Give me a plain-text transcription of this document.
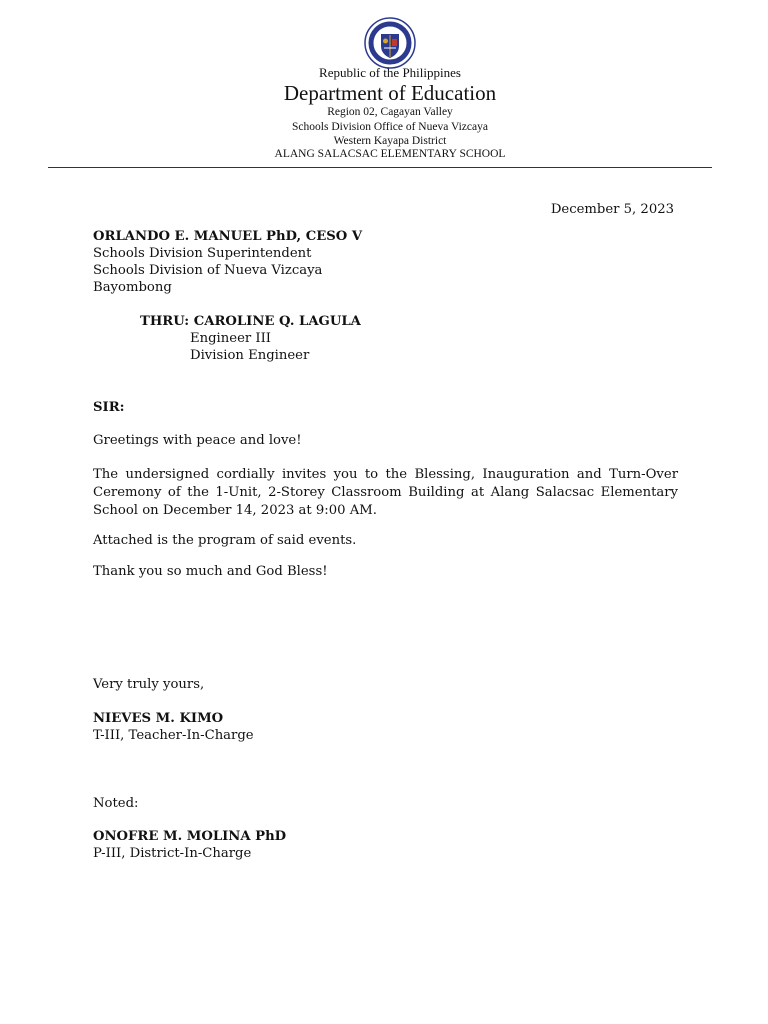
Republic of the Philippines
Department of Education
Region 02, Cagayan Valley
Schools Division Office of Nueva Vizcaya
Western Kayapa District
ALANG SALACSAC ELEMENTARY SCHOOL
December 5, 2023
ORLANDO E. MANUEL PhD, CESO V
Schools Division Superintendent
Schools Division of Nueva Vizcaya
Bayombong
THRU: CAROLINE Q. LAGULA
Engineer III
Division Engineer
SIR:
Greetings with peace and love!
The undersigned cordially invites you to the Blessing, Inauguration and Turn-Over Ceremony of the 1-Unit, 2-Storey Classroom Building at Alang Salacsac Elementary School on December 14, 2023 at 9:00 AM.
Attached is the program of said events.
Thank you so much and God Bless!
Very truly yours,
NIEVES M. KIMO
T-III, Teacher-In-Charge
Noted:
ONOFRE M. MOLINA PhD
P-III, District-In-Charge
